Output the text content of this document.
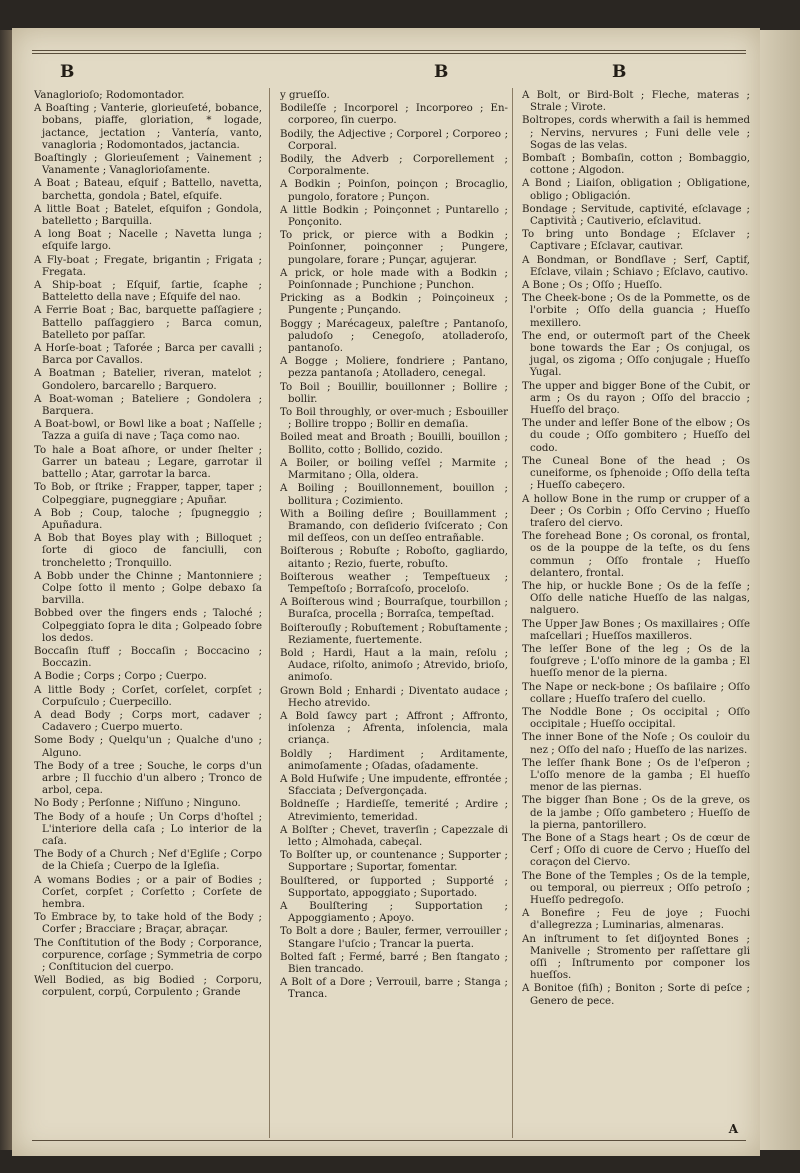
B	B	B
Vanaglorioſo; Rodomontador.
A Boaſting ; Vanterie, glorieuſeté, bobance, bobans, piaffe, gloriation, * logade, jactance, jectation ; Vantería, vanto, vanagloria ; Rodomontados, jactancia.
Boaſtingly ; Glorieuſement ; Vainement ; Vanamente ; Vanaglorioſamente.
A Boat ; Bateau, eſquif ; Battello, navetta, barchetta, gondola ; Batel, eſquife.
A little Boat ; Batelet, eſquifon ; Gondola, batelletto ; Barquilla.
A long Boat ; Nacelle ; Navetta lunga ; eſquife largo.
A Fly-boat ; Fregate, brigantin ; Frigata ; Fregata.
A Ship-boat ; Eſquif, ſartie, ſcaphe ; Batteletto della nave ; Eſquife del nao.
A Ferrie Boat ; Bac, barquette paſſagiere ; Battello paſſaggiero ; Barca comun, Batelleto por paſſar.
A Horſe-boat ; Taforée ; Barca per cavalli ; Barca por Cavallos.
A Boatman ; Batelier, riveran, matelot ; Gondolero, barcarello ; Barquero.
A Boat-woman ; Bateliere ; Gondolera ; Barquera.
A Boat-bowl, or Bowl like a boat ; Naſſelle ; Tazza a guiſa di nave ; Taça como nao.
To hale a Boat aſhore, or under ſhelter ; Garrer un bateau ; Legare, garrotar il battello ; Atar, garrotar la barca.
To Bob, or ſtrike ; Frapper, tapper, taper ; Colpeggiare, pugneggiare ; Apuñar.
A Bob ; Coup, taloche ; ſpugneggio ; Apuñadura.
A Bob that Boyes play with ; Billoquet ; ſorte di gioco de fanciulli, con troncheletto ; Tronquillo.
A Bobb under the Chinne ; Mantonniere ; Colpe ſotto il mento ; Golpe debaxo ſa barvilla.
Bobbed over the fingers ends ; Taloché ; Colpeggiato ſopra le dita ; Golpeado ſobre los dedos.
Boccaſin ſtuff ; Boccaſin ; Boccacino ; Boccazin.
A Bodie ; Corps ; Corpo ; Cuerpo.
A little Body ; Corſet, corſelet, corpſet ; Corpuſculo ; Cuerpecillo.
A dead Body ; Corps mort, cadaver ; Cadavero ; Cuerpo muerto.
Some Body ; Quelqu'un ; Qualche d'uno ; Alguno.
The Body of a tree ; Souche, le corps d'un arbre ; Il fucchio d'un albero ; Tronco de arbol, cepa.
No Body ; Perſonne ; Niſſuno ; Ninguno.
The Body of a houſe ; Un Corps d'hoſtel ; L'interiore della caſa ; Lo interior de la caſa.
The Body of a Church ; Nef d'Egliſe ; Corpo de la Chieſa ; Cuerpo de la Igleſia.
A womans Bodies ; or a pair of Bodies ; Corſet, corpſet ; Corſetto ; Corſete de hembra.
To Embrace by, to take hold of the Body ; Corfer ; Bracciare ; Braçar, abraçar.
The Conſtitution of the Body ; Corporance, corpurence, corſage ; Symmetria de corpo ; Conſtitucion del cuerpo.
Well Bodied, as big Bodied ; Corporu, corpulent, corpú, Corpulento ; Grande
y grueſſo.
Bodileſſe ; Incorporel ; Incorporeo ; En-corporeo, ſin cuerpo.
Bodily, the Adjective ; Corporel ; Corporeo ; Corporal.
Bodily, the Adverb ; Corporellement ; Corporalmente.
A Bodkin ; Poinſon, poinçon ; Brocaglio, pungolo, foratore ; Punçon.
A little Bodkin ; Poinçonnet ; Puntarello ; Ponçonito.
To prick, or pierce with a Bodkin ; Poinſonner, poinçonner ; Pungere, pungolare, forare ; Punçar, agujerar.
A prick, or hole made with a Bodkin ; Poinſonnade ; Punchione ; Punchon.
Pricking as a Bodkin ; Poinçoineux ; Pungente ; Punçando.
Boggy ; Marécageux, paleſtre ; Pantanoſo, paludoſo ; Cenegoſo, atolladeroſo, pantanoſo.
A Bogge ; Moliere, fondriere ; Pantano, pezza pantanoſa ; Atolladero, cenegal.
To Boil ; Bouillir, bouillonner ; Bollire ; bollir.
To Boil throughly, or over-much ; Esbouiller ; Bollire troppo ; Bollir en demaſia.
Boiled meat and Broath ; Bouilli, bouillon ; Bollito, cotto ; Bollido, cozido.
A Boiler, or boiling veſſel ; Marmite ; Marmitano ; Olla, oldera.
A Boiling ; Bouillonnement, bouillon ; bollitura ; Cozimiento.
With a Boiling deſire ; Bouillamment ; Bramando, con deſiderio ſviſcerato ; Con mil deſſeos, con un deſſeo entrañable.
Boiſterous ; Robuſte ; Roboſto, gagliardo, aitanto ; Rezio, fuerte, robuſto.
Boiſterous weather ; Tempeſtueux ; Tempeſtoſo ; Borraſcoſo, proceloſo.
A Boiſterous wind ; Bourraſque, tourbillon ; Buraſca, procella ; Borraſca, tempeſtad.
Boiſterouſly ; Robuſtement ; Robuſtamente ; Reziamente, fuertemente.
Bold ; Hardi, Haut a la main, reſolu ; Audace, riſolto, animoſo ; Atrevido, brioſo, animoſo.
Grown Bold ; Enhardi ; Diventato audace ; Hecho atrevido.
A Bold ſawcy part ; Affront ; Affronto, inſolenza ; Afrenta, inſolencia, mala criança.
Boldly ; Hardiment ; Arditamente, animoſamente ; Oſadas, oſadamente.
A Bold Huſwife ; Une impudente, effrontée ; Sfacciata ; Deſvergonçada.
Boldneſſe ; Hardieſſe, temerité ; Ardire ; Atrevimiento, temeridad.
A Bolſter ; Chevet, traverſin ; Capezzale di letto ; Almohada, cabeçal.
To Bolſter up, or countenance ; Supporter ; Supportare ; Suportar, fomentar.
Boulſtered, or ſupported ; Supporté ; Supportato, appoggiato ; Suportado.
A Boulſtering ; Supportation ; Appoggiamento ; Apoyo.
To Bolt a dore ; Bauler, fermer, verrouiller ; Stangare l'uſcio ; Trancar la puerta.
Bolted faſt ; Fermé, barré ; Ben ſtangato ; Bien trancado.
A Bolt of a Dore ; Verrouil, barre ; Stanga ; Tranca.
A Bolt, or Bird-Bolt ; Fleche, materas ; Strale ; Virote.
Boltropes, cords wherwith a ſail is hemmed ; Nervins, nervures ; Funi delle vele ; Sogas de las velas.
Bombaſt ; Bombaſin, cotton ; Bombaggio, cottone ; Algodon.
A Bond ; Liaiſon, obligation ; Obligatione, obligo ; Obligación.
Bondage ; Servitude, captivité, eſclavage ; Captività ; Cautiverio, eſclavitud.
To bring unto Bondage ; Eſclaver ; Captivare ; Eſclavar, cautivar.
A Bondman, or Bondſlave ; Serf, Captif, Eſclave, vilain ; Schiavo ; Eſclavo, cautivo.
A Bone ; Os ; Oſſo ; Hueſſo.
The Cheek-bone ; Os de la Pommette, os de l'orbite ; Oſſo della guancia ; Hueſſo mexillero.
The end, or outermoſt part of the Cheek bone towards the Ear ; Os conjugal, os jugal, os zigoma ; Oſſo conjugale ; Hueſſo Yugal.
The upper and bigger Bone of the Cubit, or arm ; Os du rayon ; Oſſo del braccio ; Hueſſo del braço.
The under and leſſer Bone of the elbow ; Os du coude ; Oſſo gombitero ; Hueſſo del codo.
The Cuneal Bone of the head ; Os cuneiforme, os ſphenoide ; Oſſo della teſta ; Hueſſo cabeçero.
A hollow Bone in the rump or crupper of a Deer ; Os Corbin ; Oſſo Cervino ; Hueſſo traſero del ciervo.
The forehead Bone ; Os coronal, os frontal, os de la pouppe de la teſte, os du ſens commun ; Oſſo frontale ; Hueſſo delantero, frontal.
The hip, or huckle Bone ; Os de la feſſe ; Oſſo delle natiche Hueſſo de las nalgas, nalguero.
The Upper Jaw Bones ; Os maxillaires ; Oſſe maſcellari ; Hueſſos maxilleros.
The leſſer Bone of the leg ; Os de la fouſgreve ; L'oſſo minore de la gamba ; El hueſſo menor de la pierna.
The Nape or neck-bone ; Os baſilaire ; Oſſo collare ; Hueſſo traſero del cuello.
The Noddle Bone ; Os occipital ; Oſſo occipitale ; Hueſſo occipital.
The inner Bone of the Noſe ; Os couloir du nez ; Oſſo del naſo ; Hueſſo de las narizes.
The leſſer ſhank Bone ; Os de l'eſperon ; L'oſſo menore de la gamba ; El hueſſo menor de las piernas.
The bigger ſhan Bone ; Os de la greve, os de la jambe ; Oſſo gambetero ; Hueſſo de la pierna, pantorillero.
The Bone of a Stags heart ; Os de cœur de Cerf ; Oſſo di cuore de Cervo ; Hueſſo del coraçon del Ciervo.
The Bone of the Temples ; Os de la temple, ou temporal, ou pierreux ; Oſſo petroſo ; Hueſſo pedregoſo.
A Bonefire ; Feu de joye ; Fuochi d'allegrezza ; Luminarias, almenaras.
An inſtrument to ſet diſjoynted Bones ; Manivelle ; Stromento per raſſettare gli oſſi ; Inſtrumento por componer los hueſſos.
A Bonitoe (fiſh) ; Boniton ; Sorte di peſce ; Genero de pece.
A
